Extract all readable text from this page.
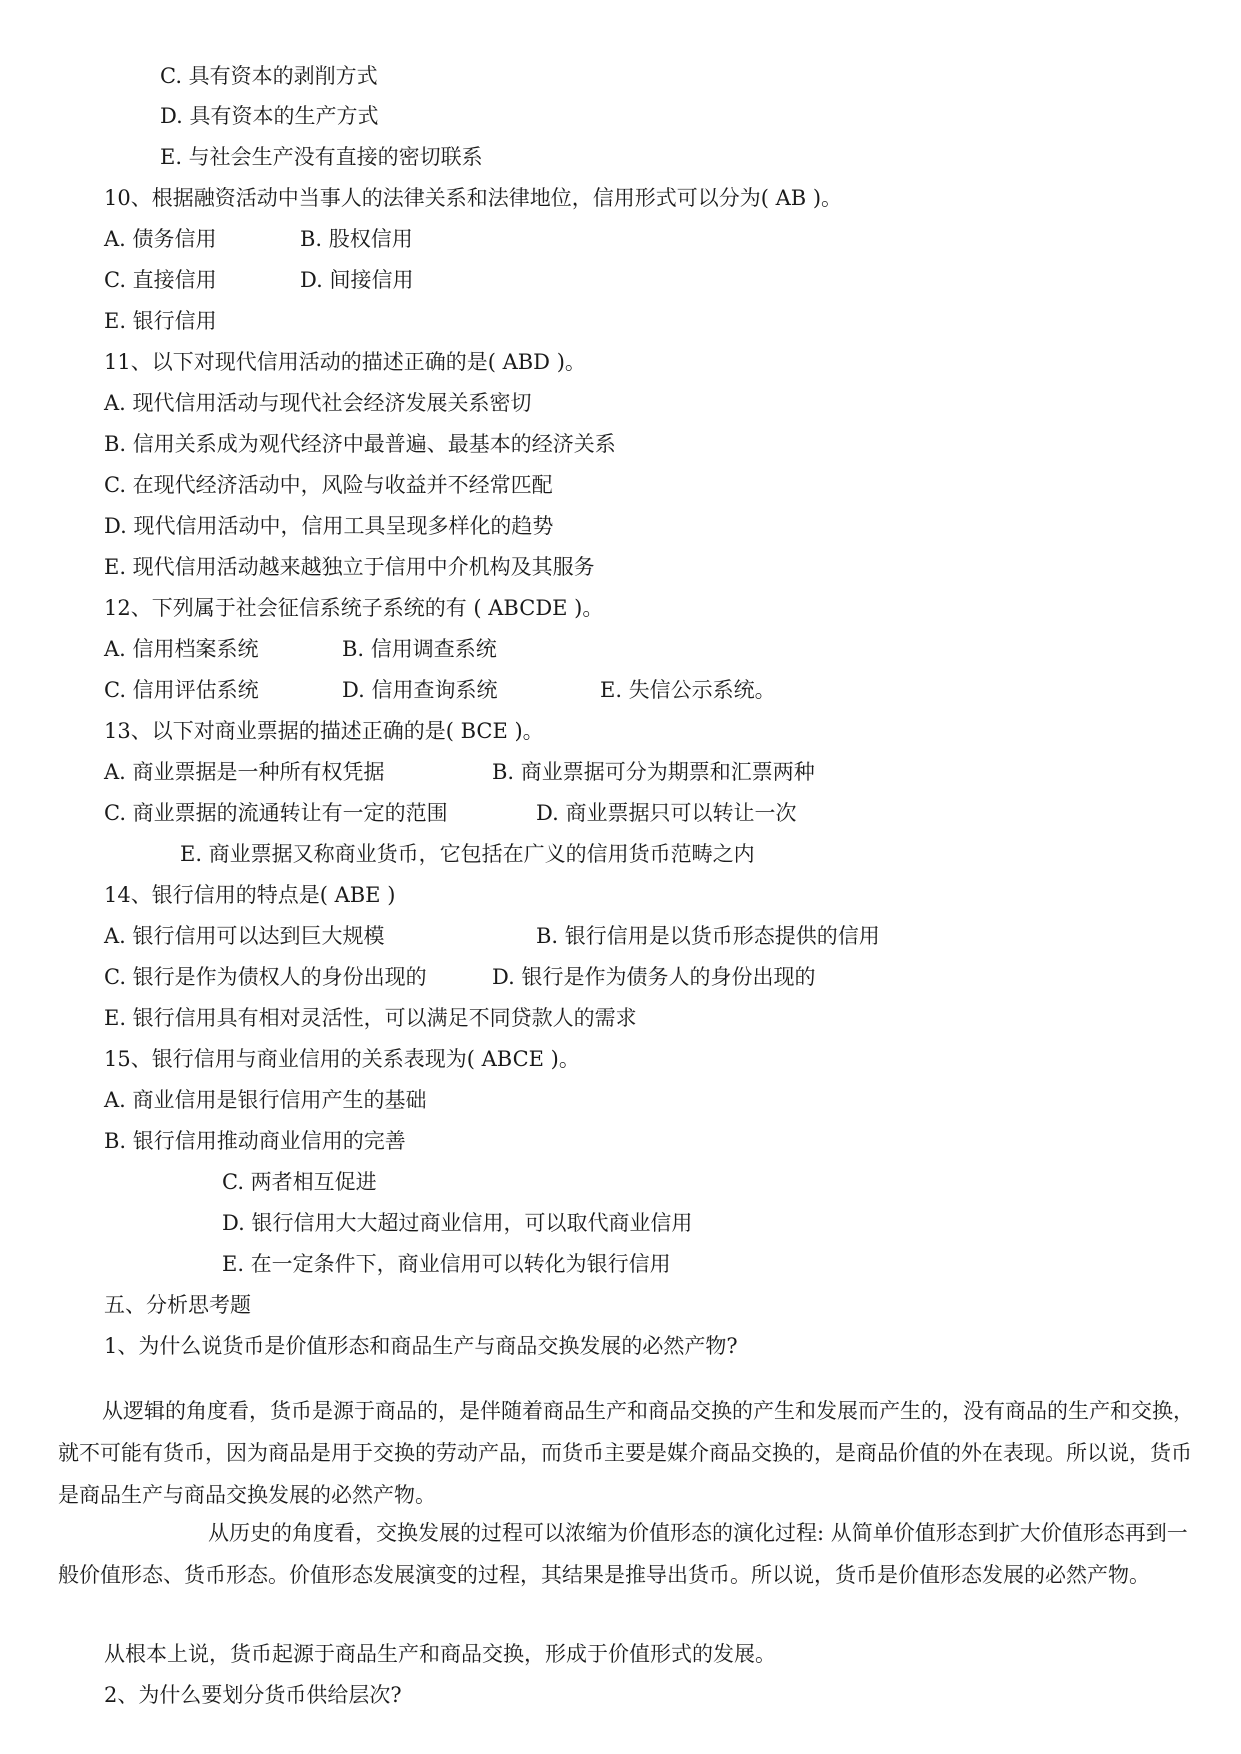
C. 具有资本的剥削方式
D. 具有资本的生产方式
E. 与社会生产没有直接的密切联系
10、根据融资活动中当事人的法律关系和法律地位，信用形式可以分为( AB )。
A. 债务信用	B. 股权信用
C. 直接信用	D. 间接信用
E. 银行信用
11、以下对现代信用活动的描述正确的是( ABD )。
A. 现代信用活动与现代社会经济发展关系密切
B. 信用关系成为观代经济中最普遍、最基本的经济关系
C. 在现代经济活动中，风险与收益并不经常匹配
D. 现代信用活动中，信用工具呈现多样化的趋势
E. 现代信用活动越来越独立于信用中介机构及其服务
12、下列属于社会征信系统子系统的有 ( ABCDE )。
A. 信用档案系统	B. 信用调查系统
C. 信用评估系统	D. 信用查询系统	E. 失信公示系统。
13、以下对商业票据的描述正确的是( BCE )。
A. 商业票据是一种所有权凭据	B. 商业票据可分为期票和汇票两种
C. 商业票据的流通转让有一定的范围	D. 商业票据只可以转让一次
E. 商业票据又称商业货币，它包括在广义的信用货币范畴之内
14、银行信用的特点是( ABE )
A. 银行信用可以达到巨大规模	B. 银行信用是以货币形态提供的信用
C. 银行是作为债权人的身份出现的	D. 银行是作为债务人的身份出现的
E. 银行信用具有相对灵活性，可以满足不同贷款人的需求
15、银行信用与商业信用的关系表现为( ABCE )。
A. 商业信用是银行信用产生的基础
B. 银行信用推动商业信用的完善
C. 两者相互促进
D. 银行信用大大超过商业信用，可以取代商业信用
E. 在一定条件下，商业信用可以转化为银行信用
五、分析思考题
1、为什么说货币是价值形态和商品生产与商品交换发展的必然产物?
从逻辑的角度看，货币是源于商品的，是伴随着商品生产和商品交换的产生和发展而产生的，没有商品的生产和交换，就不可能有货币，因为商品是用于交换的劳动产品，而货币主要是媒介商品交换的，是商品价值的外在表现。所以说，货币是商品生产与商品交换发展的必然产物。
从历史的角度看，交换发展的过程可以浓缩为价值形态的演化过程: 从简单价值形态到扩大价值形态再到一般价值形态、货币形态。价值形态发展演变的过程，其结果是推导出货币。所以说，货币是价值形态发展的必然产物。
从根本上说，货币起源于商品生产和商品交换，形成于价值形式的发展。
2、为什么要划分货币供给层次?
